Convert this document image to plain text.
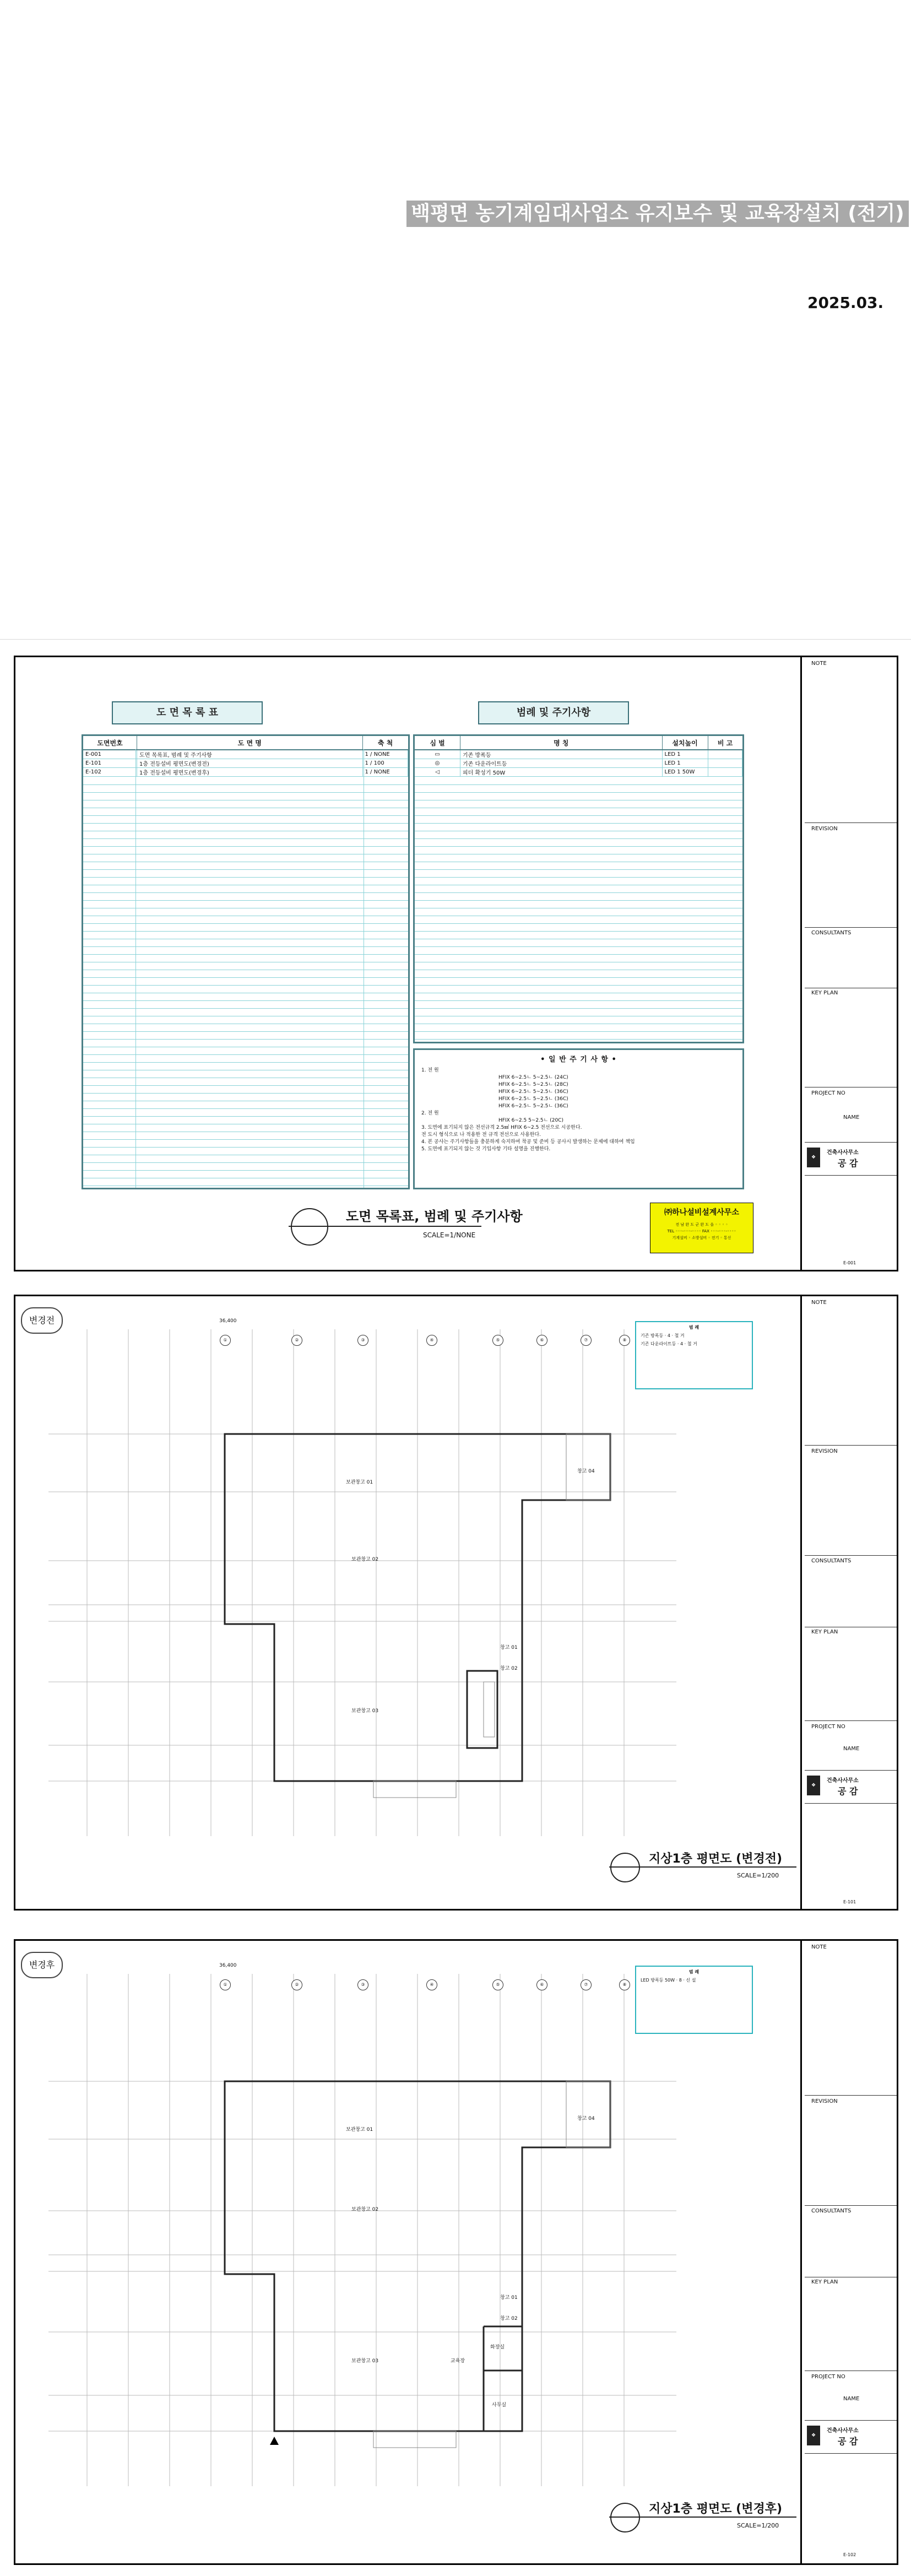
백평면 농기계임대사업소 유지보수 및 교육장설치 (전기)
2025.03.
도 면 목 록 표
도면번호	도 면 명	축 척
E-001	도면 목록표, 범례 및 주기사항	1 / NONE
E-101	1층 전등설비 평면도(변경전)	1 / 100
E-102	1층 전등설비 평면도(변경후)	1 / NONE
범례 및 주기사항
심 벌	명 칭	설치높이	비 고
▭	기존 방폭등	LED 1	
◎	기존 다운라이트등	LED 1	
◁	피더 확성기 50W	LED 1 50W	
• 일 반 주 기 사 항 •
1. 전 원
HFIX 6~2.5ㄴ 5~2.5ㄴ (24C)
HFIX 6~2.5ㄴ 5~2.5ㄴ (28C)
HFIX 6~2.5ㄴ 5~2.5ㄴ (36C)
HFIX 6~2.5ㄴ 5~2.5ㄴ (36C)
HFIX 6~2.5ㄴ 5~2.5ㄴ (36C)
2. 전 원
HFIX 6~2.5 5~2.5ㄴ (20C)
3. 도면에 표기되지 않은 전선규격 2.5㎟ HFIX 6~2.5 전선으로 시공한다.
전 도시 형식으로 나 적용한 전 규격 전선으로 사용한다.
4. 본 공사는 주기사항들을 충분하게 숙지하여 착공 및 준비 등 공사시 발생하는 문제에 대하여 책임
5. 도면에 표기되지 않는 것 기입사항 기타 설명을 진행한다.
도면 목록표, 범례 및 주기사항
SCALE=1/NONE
㈜하나설비설계사무소
전 남 완 도 군 완 도 읍 ◦ ◦ ◦ ◦
TEL ◦◦◦-◦◦◦-◦◦◦◦ FAX ◦◦◦-◦◦◦-◦◦◦◦
기계설비 ◦ 소방설비 ◦ 전기 ◦ 통신
NOTE
REVISION
CONSULTANTS
KEY PLAN
PROJECT NO
NAME
❖
건축사사무소
공 감
E-001
변경전	36,400
①	②	③	④	⑤	⑥	⑦	⑧
보관창고 01
보관창고 02
보관창고 03
창고 04
창고 01
창고 02
범 례
기존 방폭등 · 4 · 철 거
기존 다운라이트등 · 4 · 철 거
지상1층 평면도 (변경전)
SCALE=1/200
NOTE
REVISION
CONSULTANTS
KEY PLAN
PROJECT NO
NAME
❖
건축사사무소
공 감
E-101
변경후	36,400
①	②	③	④	⑤	⑥	⑦	⑧
보관창고 01
보관창고 02
보관창고 03
창고 04
창고 01
창고 02
화장실
사무실
교육장
범 례
LED 방폭등 50W · 8 · 신 설
지상1층 평면도 (변경후)
SCALE=1/200
NOTE
REVISION
CONSULTANTS
KEY PLAN
PROJECT NO
NAME
❖
건축사사무소
공 감
E-102
